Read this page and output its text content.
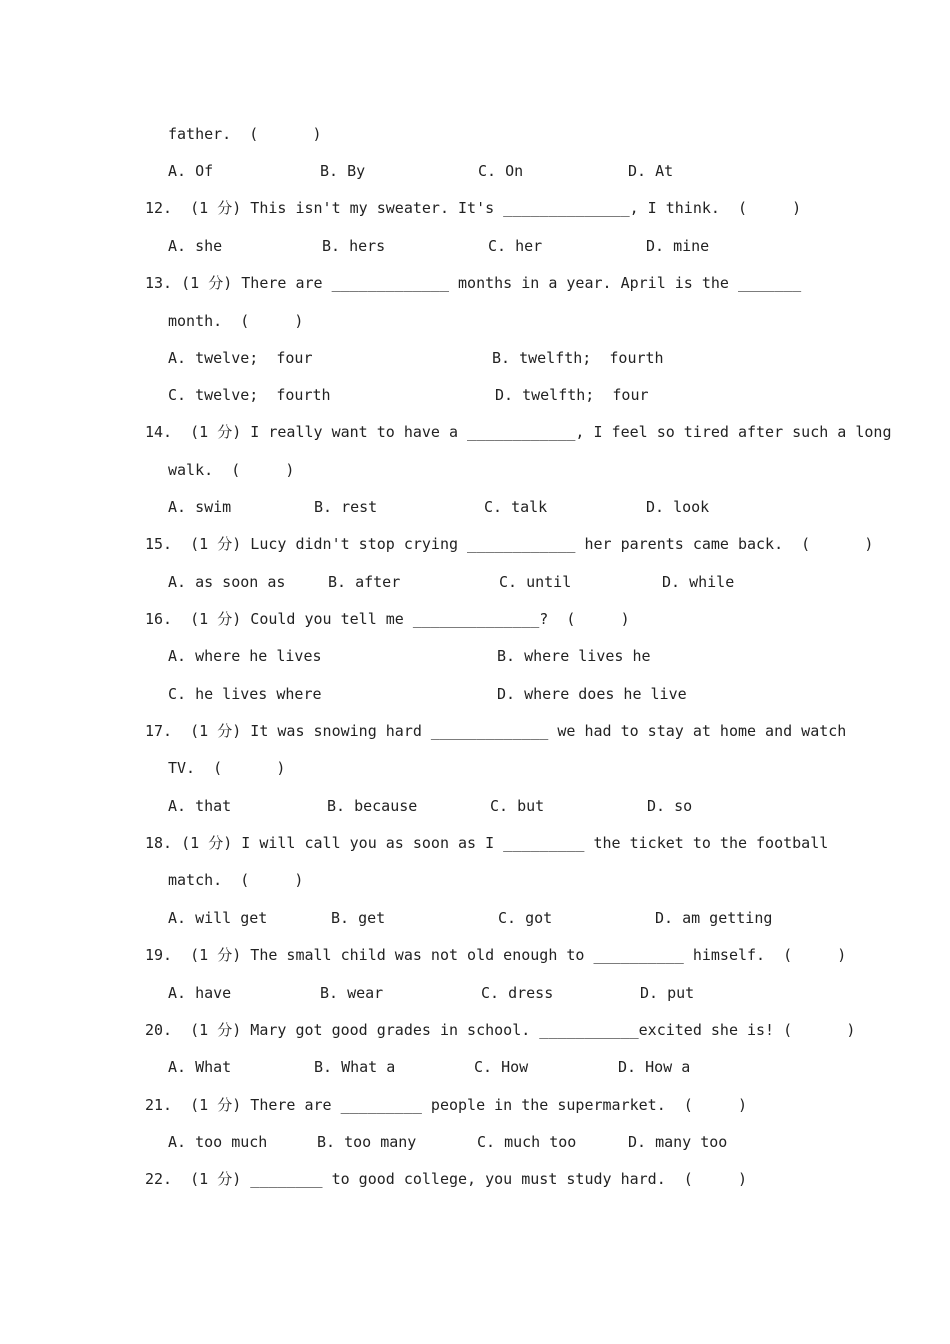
father.  (      )
A. Of	B. By	C. On	D. At
12.  (1 分) This isn't my sweater. It's ______________, I think.  (     )
A. she	B. hers	C. her	D. mine
13. (1 分) There are _____________ months in a year. April is the _______
month.  (     )
A. twelve;  four	B. twelfth;  fourth
C. twelve;  fourth	D. twelfth;  four
14.  (1 分) I really want to have a ____________, I feel so tired after such a long
walk.  (     )
A. swim	B. rest	C. talk	D. look
15.  (1 分) Lucy didn't stop crying ____________ her parents came back.  (      )
A. as soon as	B. after	C. until	D. while
16.  (1 分) Could you tell me ______________?  (     )
A. where he lives	B. where lives he
C. he lives where	D. where does he live
17.  (1 分) It was snowing hard _____________ we had to stay at home and watch
TV.  (      )
A. that	B. because	C. but	D. so
18. (1 分) I will call you as soon as I _________ the ticket to the football
match.  (     )
A. will get	B. get	C. got	D. am getting
19.  (1 分) The small child was not old enough to __________ himself.  (     )
A. have	B. wear	C. dress	D. put
20.  (1 分) Mary got good grades in school. ___________excited she is! (      )
A. What	B. What a	C. How	D. How a
21.  (1 分) There are _________ people in the supermarket.  (     )
A. too much	B. too many	C. much too	D. many too
22.  (1 分) ________ to good college, you must study hard.  (     )
